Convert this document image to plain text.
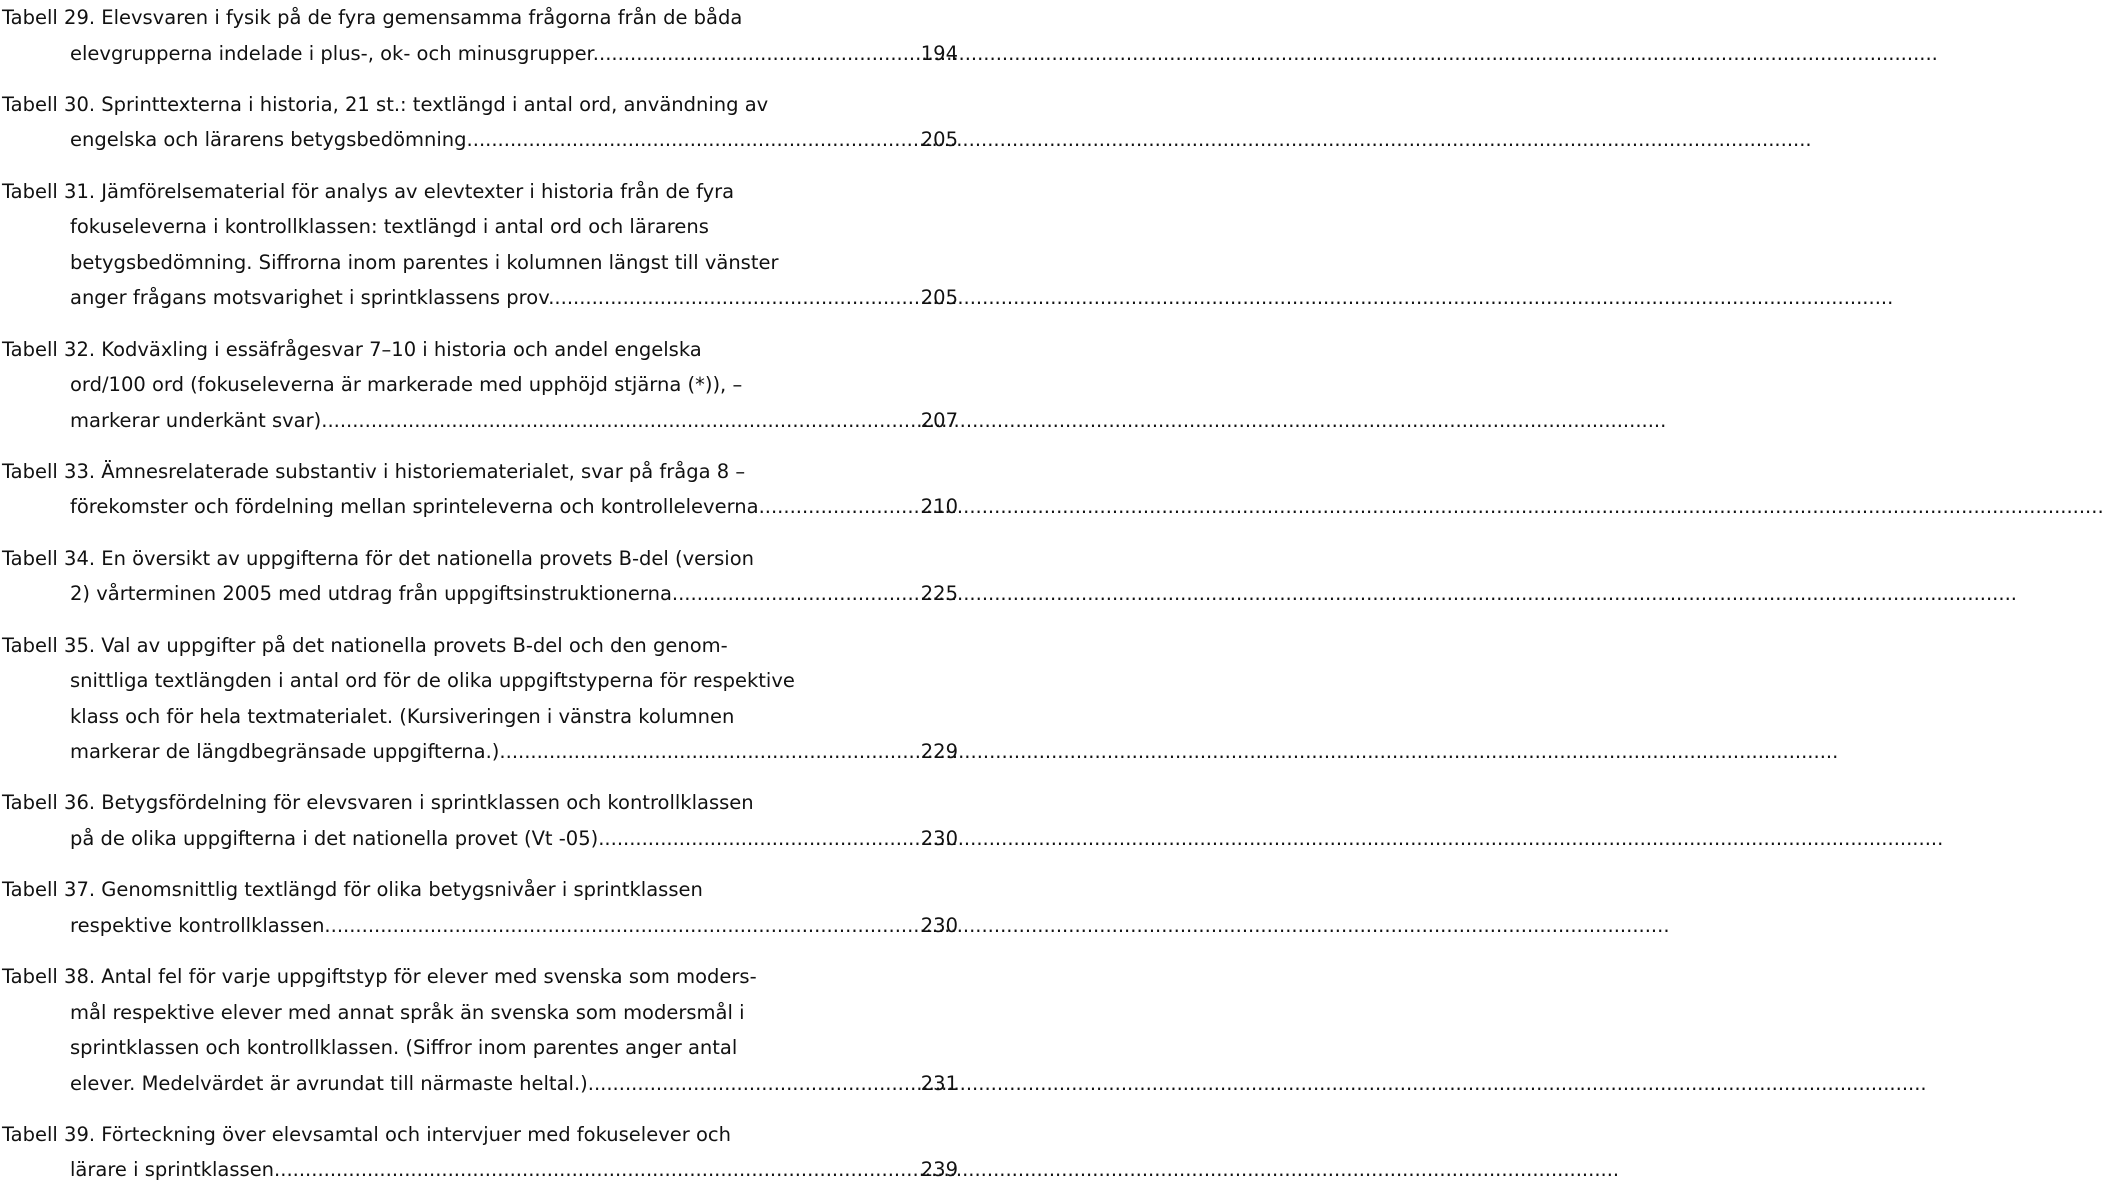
Tabell 29. Elevsvaren i fysik på de fyra gemensamma frågorna från de båda
elevgrupperna indelade i plus-, ok- och minusgrupper. .....	194
Tabell 30. Sprinttexterna i historia, 21 st.: textlängd i antal ord, användning av
engelska och lärarens betygsbedömning. .....	205
Tabell 31. Jämförelsematerial för analys av elevtexter i historia från de fyra
fokuseleverna i kontrollklassen: textlängd i antal ord och lärarens
betygsbedömning. Siffrorna inom parentes i kolumnen längst till vänster
anger frågans motsvarighet i sprintklassens prov. .....	205
Tabell 32. Kodväxling i essäfrågesvar 7–10 i historia och andel engelska
ord/100 ord (fokuseleverna är markerade med upphöjd stjärna (*)), –
markerar underkänt svar). .....	207
Tabell 33. Ämnesrelaterade substantiv i historiematerialet, svar på fråga 8 –
förekomster och fördelning mellan sprinteleverna och kontrolleleverna. .....	210
Tabell 34. En översikt av uppgifterna för det nationella provets B-del (version
2) vårterminen 2005 med utdrag från uppgiftsinstruktionerna. .....	225
Tabell 35. Val av uppgifter på det nationella provets B-del och den genom-
snittliga textlängden i antal ord för de olika uppgiftstyperna för respektive
klass och för hela textmaterialet. (Kursiveringen i vänstra kolumnen
markerar de längdbegränsade uppgifterna.) .....	229
Tabell 36. Betygsfördelning för elevsvaren i sprintklassen och kontrollklassen
på de olika uppgifterna i det nationella provet (Vt -05). .....	230
Tabell 37. Genomsnittlig textlängd för olika betygsnivåer i sprintklassen
respektive kontrollklassen. .....	230
Tabell 38. Antal fel för varje uppgiftstyp för elever med svenska som moders-
mål respektive elever med annat språk än svenska som modersmål i
sprintklassen och kontrollklassen. (Siffror inom parentes anger antal
elever. Medelvärdet är avrundat till närmaste heltal.) .....	231
Tabell 39. Förteckning över elevsamtal och intervjuer med fokuselever och
lärare i sprintklassen. .....	239
